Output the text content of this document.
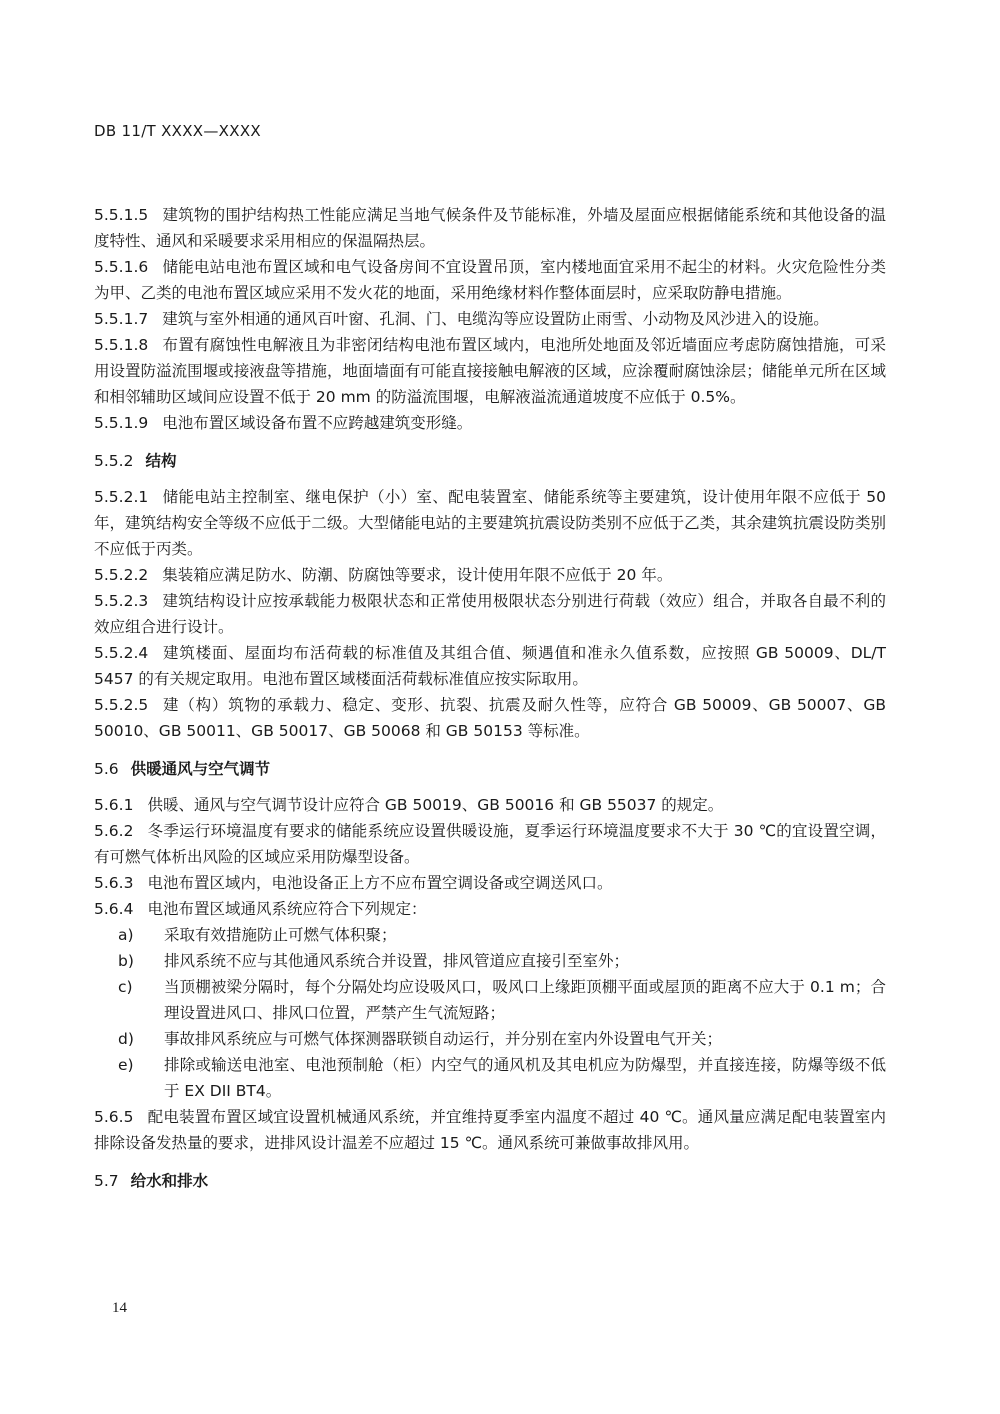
DB 11/T XXXX—XXXX
5.5.1.5 建筑物的围护结构热工性能应满足当地气候条件及节能标准，外墙及屋面应根据储能系统和其他设备的温度特性、通风和采暖要求采用相应的保温隔热层。
5.5.1.6 储能电站电池布置区域和电气设备房间不宜设置吊顶，室内楼地面宜采用不起尘的材料。火灾危险性分类为甲、乙类的电池布置区域应采用不发火花的地面，采用绝缘材料作整体面层时，应采取防静电措施。
5.5.1.7 建筑与室外相通的通风百叶窗、孔洞、门、电缆沟等应设置防止雨雪、小动物及风沙进入的设施。
5.5.1.8 布置有腐蚀性电解液且为非密闭结构电池布置区域内，电池所处地面及邻近墙面应考虑防腐蚀措施，可采用设置防溢流围堰或接液盘等措施，地面墙面有可能直接接触电解液的区域，应涂覆耐腐蚀涂层；储能单元所在区域和相邻辅助区域间应设置不低于 20 mm 的防溢流围堰，电解液溢流通道坡度不应低于 0.5%。
5.5.1.9 电池布置区域设备布置不应跨越建筑变形缝。
5.5.2 结构
5.5.2.1 储能电站主控制室、继电保护（小）室、配电装置室、储能系统等主要建筑，设计使用年限不应低于 50 年，建筑结构安全等级不应低于二级。大型储能电站的主要建筑抗震设防类别不应低于乙类，其余建筑抗震设防类别不应低于丙类。
5.5.2.2 集装箱应满足防水、防潮、防腐蚀等要求，设计使用年限不应低于 20 年。
5.5.2.3 建筑结构设计应按承载能力极限状态和正常使用极限状态分别进行荷载（效应）组合，并取各自最不利的效应组合进行设计。
5.5.2.4 建筑楼面、屋面均布活荷载的标准值及其组合值、频遇值和准永久值系数，应按照 GB 50009、DL/T 5457 的有关规定取用。电池布置区域楼面活荷载标准值应按实际取用。
5.5.2.5 建（构）筑物的承载力、稳定、变形、抗裂、抗震及耐久性等，应符合 GB 50009、GB 50007、GB 50010、GB 50011、GB 50017、GB 50068 和 GB 50153 等标准。
5.6 供暖通风与空气调节
5.6.1 供暖、通风与空气调节设计应符合 GB 50019、GB 50016 和 GB 55037 的规定。
5.6.2 冬季运行环境温度有要求的储能系统应设置供暖设施，夏季运行环境温度要求不大于 30 ℃的宜设置空调，有可燃气体析出风险的区域应采用防爆型设备。
5.6.3 电池布置区域内，电池设备正上方不应布置空调设备或空调送风口。
5.6.4 电池布置区域通风系统应符合下列规定：
a)	采取有效措施防止可燃气体积聚；
b)	排风系统不应与其他通风系统合并设置，排风管道应直接引至室外；
c)	当顶棚被梁分隔时，每个分隔处均应设吸风口，吸风口上缘距顶棚平面或屋顶的距离不应大于 0.1 m；合理设置进风口、排风口位置，严禁产生气流短路；
d)	事故排风系统应与可燃气体探测器联锁自动运行，并分别在室内外设置电气开关；
e)	排除或输送电池室、电池预制舱（柜）内空气的通风机及其电机应为防爆型，并直接连接，防爆等级不低于 EX DII BT4。
5.6.5 配电装置布置区域宜设置机械通风系统，并宜维持夏季室内温度不超过 40 ℃。通风量应满足配电装置室内排除设备发热量的要求，进排风设计温差不应超过 15 ℃。通风系统可兼做事故排风用。
5.7 给水和排水
14
